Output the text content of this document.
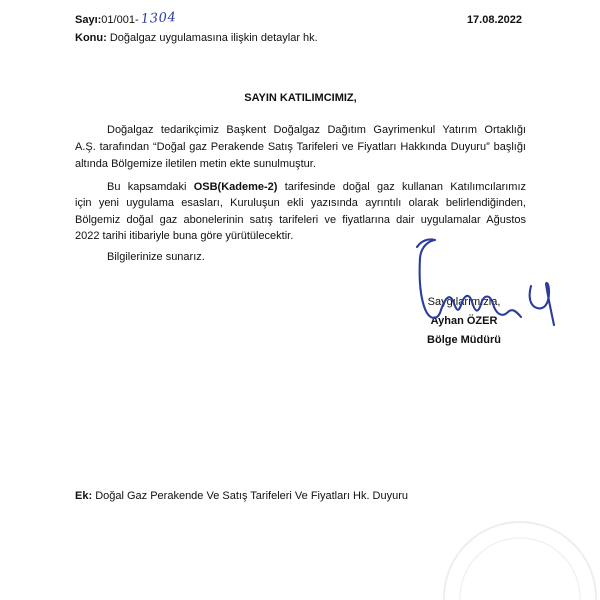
Sayı:01/001- 1304	17.08.2022
Konu: Doğalgaz uygulamasına ilişkin detaylar hk.
SAYIN KATILIMCIMIZ,
Doğalgaz tedarikçimiz Başkent Doğalgaz Dağıtım Gayrimenkul Yatırım Ortaklığı
A.Ş. tarafından “Doğal gaz Perakende Satış Tarifeleri ve Fiyatları Hakkında Duyuru” başlığı
altında Bölgemize iletilen metin ekte sunulmuştur.
Bu kapsamdaki OSB(Kademe-2) tarifesinde doğal gaz kullanan Katılımcılarımız
için yeni uygulama esasları, Kuruluşun ekli yazısında ayrıntılı olarak belirlendiğinden,
Bölgemiz doğal gaz abonelerinin satış tarifeleri ve fiyatlarına dair uygulamalar Ağustos
2022 tarihi itibariyle buna göre yürütülecektir.
Bilgilerinize sunarız.
Saygılarımızla,
Ayhan ÖZER
Bölge Müdürü
Ek: Doğal Gaz Perakende Ve Satış Tarifeleri Ve Fiyatları Hk. Duyuru
